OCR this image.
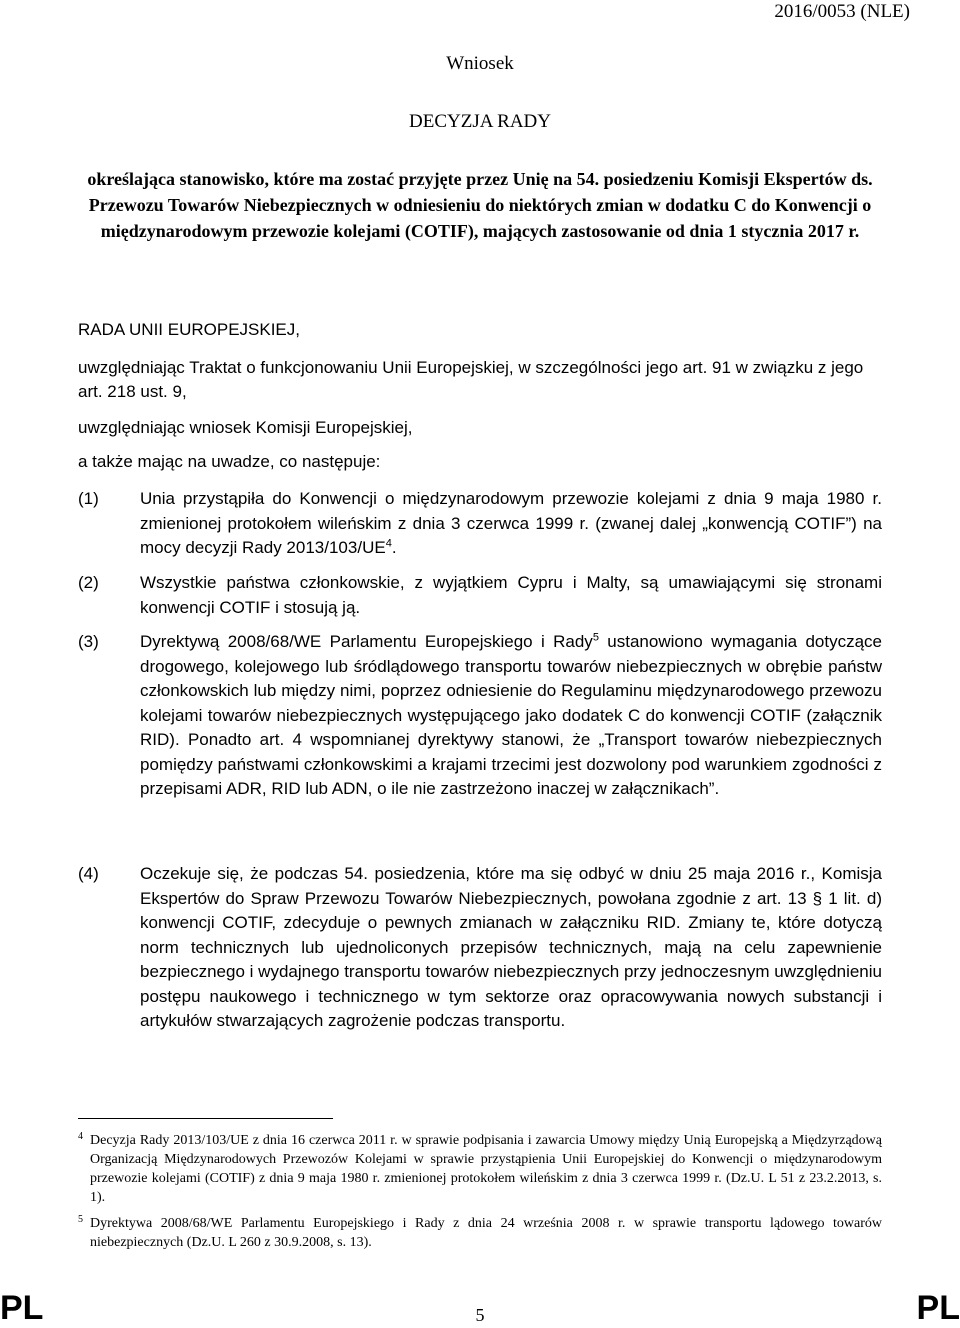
2016/0053 (NLE)
Wniosek
DECYZJA RADY
określająca stanowisko, które ma zostać przyjęte przez Unię na 54. posiedzeniu Komisji Ekspertów ds. Przewozu Towarów Niebezpiecznych w odniesieniu do niektórych zmian w dodatku C do Konwencji o międzynarodowym przewozie kolejami (COTIF), mających zastosowanie od dnia 1 stycznia 2017 r.
RADA UNII EUROPEJSKIEJ,
uwzględniając Traktat o funkcjonowaniu Unii Europejskiej, w szczególności jego art. 91 w związku z jego art. 218 ust. 9,
uwzględniając wniosek Komisji Europejskiej,
a także mając na uwadze, co następuje:
(1) Unia przystąpiła do Konwencji o międzynarodowym przewozie kolejami z dnia 9 maja 1980 r. zmienionej protokołem wileńskim z dnia 3 czerwca 1999 r. (zwanej dalej „konwencją COTIF”) na mocy decyzji Rady $2013/103/UE^4$.
(2) Wszystkie państwa członkowskie, z wyjątkiem Cypru i Malty, są umawiającymi się stronami konwencji COTIF i stosują ją.
(3) Dyrektywą 2008/68/WE Parlamentu Europejskiego i Rady$^5$ ustanowiono wymagania dotyczące drogowego, kolejowego lub śródlądowego transportu towarów niebezpiecznych w obrębie państw członkowskich lub między nimi, poprzez odniesienie do Regulaminu międzynarodowego przewozu kolejami towarów niebezpiecznych występującego jako dodatek C do konwencji COTIF (załącznik RID). Ponadto art. 4 wspomnianej dyrektywy stanowi, że „Transport towarów niebezpiecznych pomiędzy państwami członkowskimi a krajami trzecimi jest dozwolony pod warunkiem zgodności z przepisami ADR, RID lub ADN, o ile nie zastrzeżono inaczej w załącznikach”.
(4) Oczekuje się, że podczas 54. posiedzenia, które ma się odbyć w dniu 25 maja 2016 r., Komisja Ekspertów do Spraw Przewozu Towarów Niebezpiecznych, powołana zgodnie z art. 13 § 1 lit. d) konwencji COTIF, zdecyduje o pewnych zmianach w załączniku RID. Zmiany te, które dotyczą norm technicznych lub ujednoliconych przepisów technicznych, mają na celu zapewnienie bezpiecznego i wydajnego transportu towarów niebezpiecznych przy jednoczesnym uwzględnieniu postępu naukowego i technicznego w tym sektorze oraz opracowywania nowych substancji i artykułów stwarzających zagrożenie podczas transportu.
4 Decyzja Rady 2013/103/UE z dnia 16 czerwca 2011 r. w sprawie podpisania i zawarcia Umowy między Unią Europejską a Międzyrządową Organizacją Międzynarodowych Przewozów Kolejami w sprawie przystąpienia Unii Europejskiej do Konwencji o międzynarodowym przewozie kolejami (COTIF) z dnia 9 maja 1980 r. zmienionej protokołem wileńskim z dnia 3 czerwca 1999 r. (Dz.U. L 51 z 23.2.2013, s. 1).
5 Dyrektywa 2008/68/WE Parlamentu Europejskiego i Rady z dnia 24 września 2008 r. w sprawie transportu lądowego towarów niebezpiecznych (Dz.U. L 260 z 30.9.2008, s. 13).
PL	5	PL
